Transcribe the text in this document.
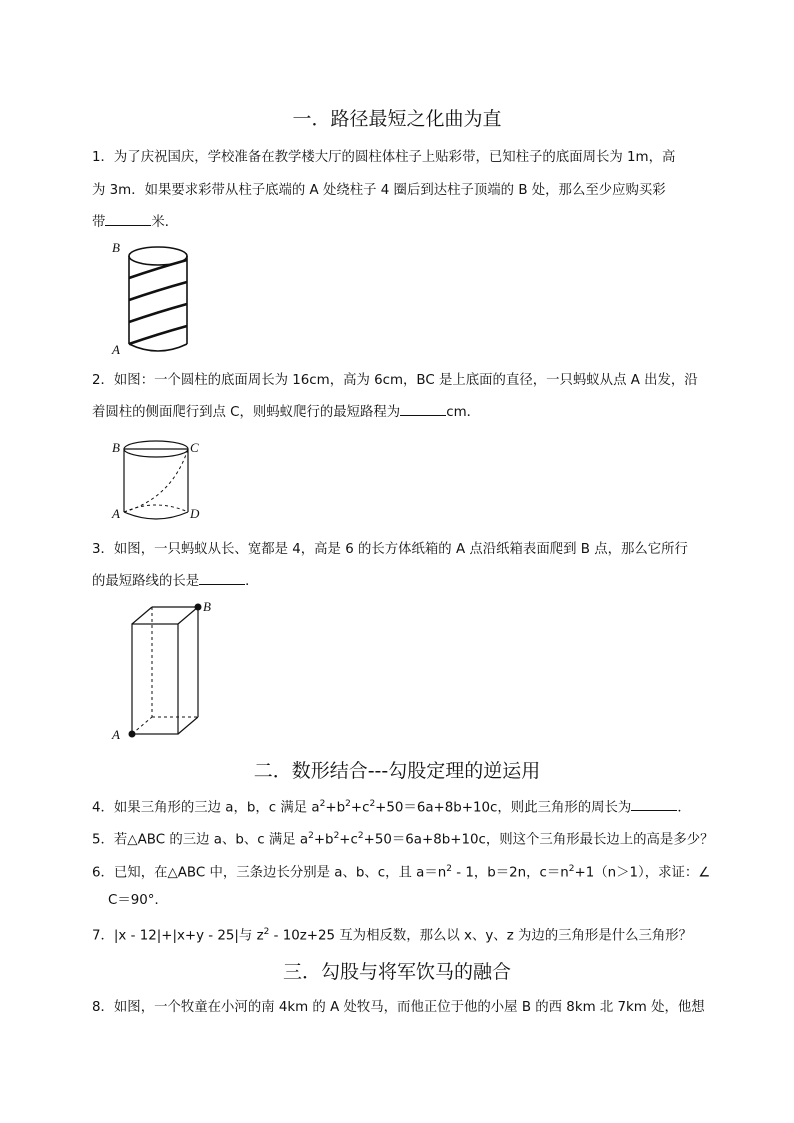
一．路径最短之化曲为直
1．为了庆祝国庆，学校准备在教学楼大厅的圆柱体柱子上贴彩带，已知柱子的底面周长为 1m，高
为 3m．如果要求彩带从柱子底端的 A 处绕柱子 4 圈后到达柱子顶端的 B 处，那么至少应购买彩
带	米．
B
A
2．如图：一个圆柱的底面周长为 16cm，高为 6cm，BC 是上底面的直径，一只蚂蚁从点 A 出发，沿
着圆柱的侧面爬行到点 C，则蚂蚁爬行的最短路程为	cm．
B	C
A	D
3．如图，一只蚂蚁从长、宽都是 4，高是 6 的长方体纸箱的 A 点沿纸箱表面爬到 B 点，那么它所行
的最短路线的长是	．
B
A
二．数形结合---勾股定理的逆运用
4．如果三角形的三边 a，b，c 满足 $a^2+b^2+c^2+50=6a+8b+10c$，则此三角形的周长为	．
5．若△ABC 的三边 a、b、c 满足 $a^2+b^2+c^2+50=6a+8b+10c$，则这个三角形最长边上的高是多少？
6．已知，在△ABC 中，三条边长分别是 a、b、c，且 $a=n^2 - 1$，b＝2n，$c=n^2+1(n>1)$，求证：∠
C＝90°．
7．|x - 12|+|x+y - 25|与 $z^2 - 10z+25$ 互为相反数，那么以 x、y、z 为边的三角形是什么三角形？
三．勾股与将军饮马的融合
8．如图，一个牧童在小河的南 4km 的 A 处牧马，而他正位于他的小屋 B 的西 8km 北 7km 处，他想
